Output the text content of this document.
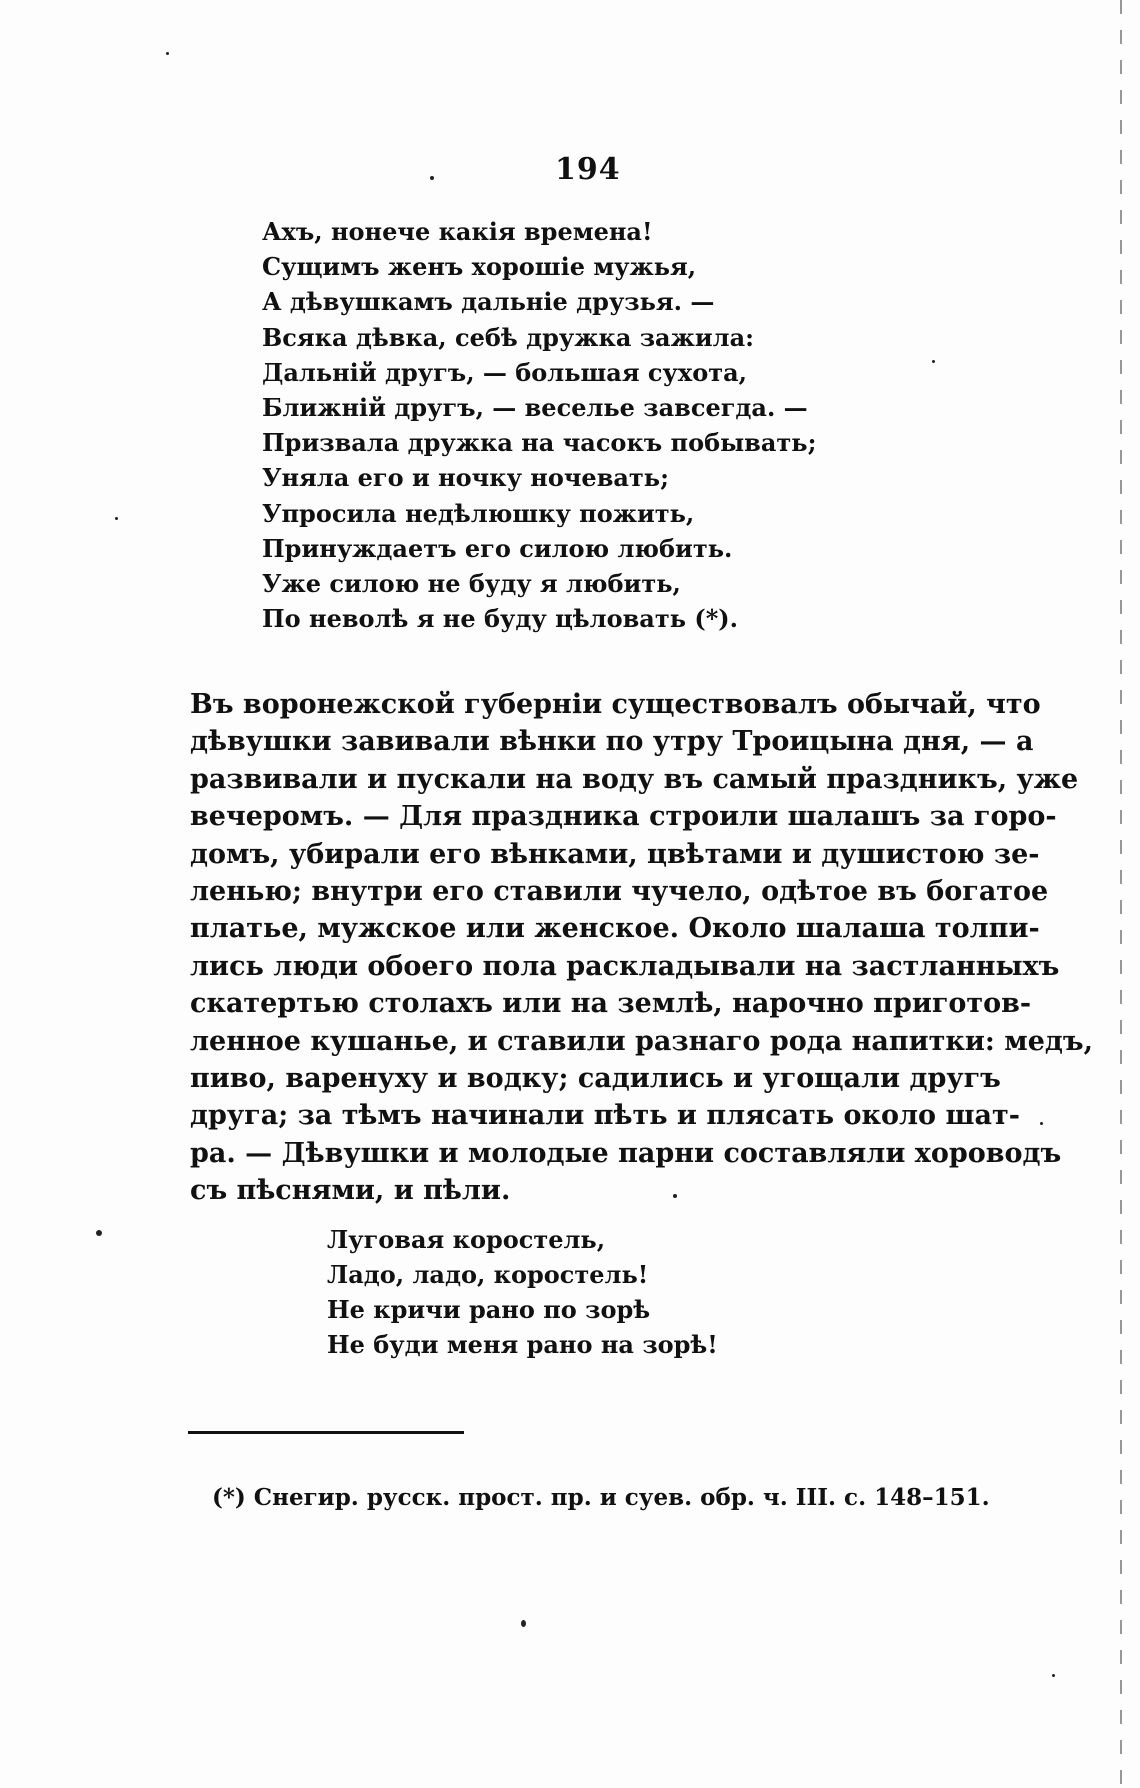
194
Ахъ, нонече какiя времена!
Сущимъ женъ хорошiе мужья,
А дѣвушкамъ дальнiе друзья. —
Всяка дѣвка, себѣ дружка зажила:
Дальнiй другъ, — большая сухота,
Ближнiй другъ, — веселье завсегда. —
Призвала дружка на часокъ побывать;
Уняла его и ночку ночевать;
Упросила недѣлюшку пожить,
Принуждаетъ его силою любить.
Уже силою не буду я любить,
По неволѣ я не буду цѣловать (*).
Въ воронежской губернiи существовалъ обычай, что
дѣвушки завивали вѣнки по утру Троицына дня, — а
развивали и пускали на воду въ самый праздникъ, уже
вечеромъ. — Для праздника строили шалашъ за горо-
домъ, убирали его вѣнками, цвѣтами и душистою зе-
ленью; внутри его ставили чучело, одѣтое въ богатое
платье, мужское или женское. Около шалаша толпи-
лись люди обоего пола раскладывали на застланныхъ
скатертью столахъ или на землѣ, нарочно приготов-
ленное кушанье, и ставили разнаго рода напитки: медъ,
пиво, варенуху и водку; садились и угощали другъ
друга; за тѣмъ начинали пѣть и плясать около шат-
ра. — Дѣвушки и молодые парни составляли хороводъ
съ пѣснями, и пѣли.
Луговая коростель,
Ладо, ладо, коростель!
Не кричи рано по зорѣ
Не буди меня рано на зорѣ!
(*) Снегир. русск. прост. пр. и суев. обр. ч. III. с. 148–151.
